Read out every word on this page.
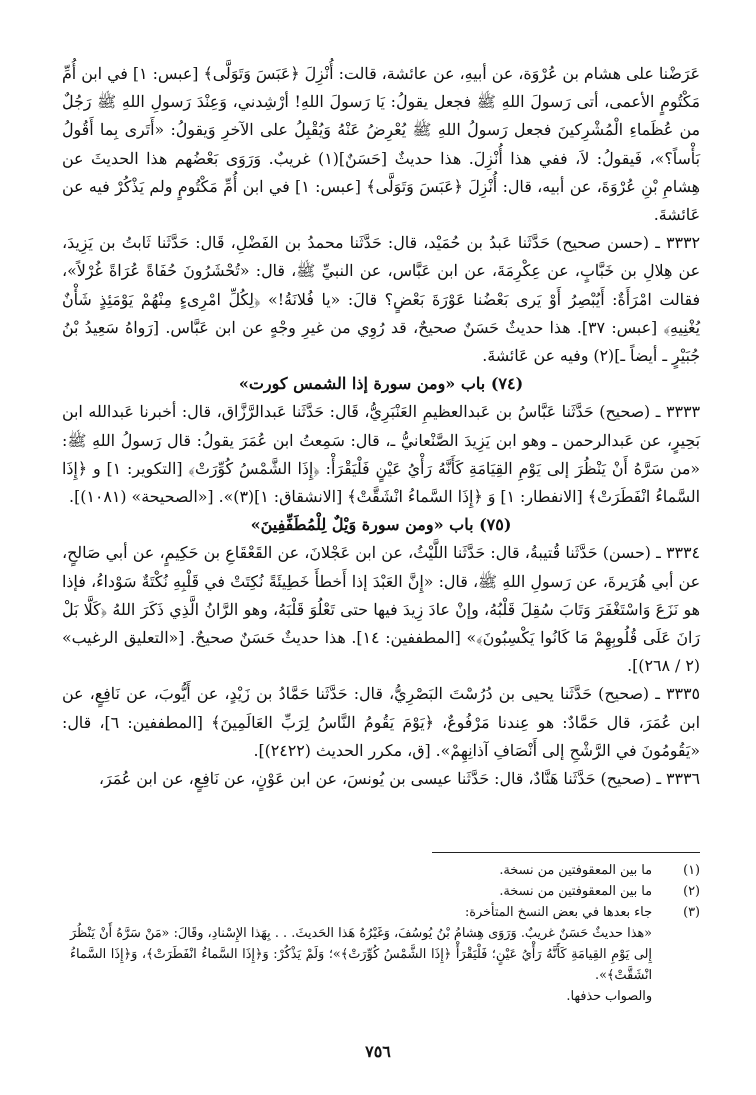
عَرَضْنا على هشام بن عُرْوَة، عن أبيهِ، عن عائشة، قالت: أُنْزِلَ ﴿عَبَسَ وَتَوَلَّى﴾ [عبس: ١] في ابن أُمِّ مَكْتُومٍ الأعمى، أتى رَسولَ اللهِ ﷺ فجعل يقولُ: يَا رَسولَ اللهِ! أرْشِدني، وَعِنْدَ رَسولِ اللهِ ﷺ رَجُلٌ من عُظَماءِ الْمُشْرِكينَ فجعل رَسولُ اللهِ ﷺ يُعْرِضُ عَنْهُ وَيُقْبِلُ على الآخرِ وَيقولُ: «أَتَرى بِما أَقُولُ بَأْساً؟»، فَيقولُ: لاَ، ففي هذا أُنْزِلَ. هذا حديثٌ [حَسَنٌ](١) غريبٌ. وَرَوَى بَعْضُهم هذا الحديثَ عن هِشامِ بْنِ عُرْوَةَ، عن أبيه، قال: أُنْزِلَ ﴿عَبَسَ وَتَوَلَّى﴾ [عبس: ١] في ابن أُمِّ مَكْتُومٍ ولم يَذْكُرْ فيه عن عَائشةَ.

٣٣٣٢ ـ (حسن صحيح) حَدَّثَنا عَبدُ بن حُمَيْد، قال: حَدَّثَنا محمدُ بن الفَضْلِ، قَال: حَدَّثَنا ثَابتُ بن يَزِيدَ، عن هِلالِ بن خَبَّابٍ، عن عِكْرِمَةَ، عن ابن عَبَّاس، عن النبيِّ ﷺ، قال: «تُحْشَرُونَ حُفَاةً عُرَاةً غُرْلاً»، فقالت امْرَأَةٌ: أَيُبْصِرُ أَوْ يَرى بَعْضُنا عَوْرَةَ بَعْضٍ؟ قالَ: «يا فُلانَةُ!» ﴿لِكُلِّ امْرِىءٍ مِنْهُمْ يَوْمَئِذٍ شَأْنٌ يُغْنِيهِ﴾ [عبس: ٣٧]. هذا حديثٌ حَسَنٌ صحيحٌ، قد رُوِي من غيرِ وجْهٍ عن ابن عَبَّاس. [رَواهُ سَعِيدُ بْنُ جُبَيْرٍ ـ أيضاً ـ](٢) وفيه عن عَائشةَ.

(٧٤) باب «ومن سورة إذا الشمس كورت»

٣٣٣٣ ـ (صحيح) حَدَّثَنا عَبَّاسُ بن عَبدالعظيمِ العَنْبَرِيُّ، قَال: حَدَّثَنا عَبدالرَّزَّاق، قال: أخبرنا عَبدالله ابن بَحِيرٍ، عن عَبدالرحمن ـ وهو ابن يَزِيدَ الصَّنْعانيُّ ـ، قال: سَمِعتُ ابن عُمَرَ يقولُ: قال رَسولُ اللهِ ﷺ: «من سَرَّهُ أَنْ يَنْظُرَ إلى يَوْمِ القِيَامَةِ كَأَنَّهُ رَأْيُ عَيْنٍ فَلْيَقْرَأْ: ﴿إِذَا الشَّمْسُ كُوِّرَتْ﴾ [التكوير: ١] و ﴿إِذَا السَّماءُ انْفَطَرَتْ﴾ [الانفطار: ١] وَ ﴿إِذَا السَّماءُ انْشَقَّتْ﴾ [الانشقاق: ١](٣)». [«الصحيحة» (١٠٨١)].

(٧٥) باب «ومن سورة وَيْلٌ لِلْمُطَفِّفِينَ»

٣٣٣٤ ـ (حسن) حَدَّثَنا قُتيبةُ، قال: حَدَّثَنا اللَّيْثُ، عن ابن عَجْلانَ، عن القَعْقَاعِ بن حَكِيمٍ، عن أبي صَالحٍ، عن أبي هُرَيرةَ، عن رَسولِ اللهِ ﷺ، قال: «إِنَّ العَبْدَ إذا أَخطأَ خَطِيئَةً نُكِتَتْ في قَلْبِهِ نُكْتَةٌ سَوْداءُ، فإذا هو نَزَعَ وَاسْتَغْفَرَ وَتَابَ سُقِلَ قَلْبُهُ، وإنْ عادَ زِيدَ فيها حتى تَعْلُوَ قَلْبَهُ، وهو الرَّانُ الَّذِي ذَكَرَ اللهُ ﴿كَلَّا بَلْ رَانَ عَلَى قُلُوبِهِمْ مَا كَانُوا يَكْسِبُونَ﴾» [المطففين: ١٤]. هذا حديثٌ حَسَنٌ صحيحٌ. [«التعليق الرغيب» (٢ / ٢٦٨)].

٣٣٣٥ ـ (صحيح) حَدَّثَنا يحيى بن دُرُسْتَ البَصْرِيُّ، قال: حَدَّثَنا حَمَّادُ بن زَيْدٍ، عن أَيُّوبَ، عن نَافِعٍ، عن ابن عُمَرَ، قال حَمَّادٌ: هو عِندنا مَرْفُوعٌ، ﴿يَوْمَ يَقُومُ النَّاسُ لِرَبِّ العَالَمِينَ﴾ [المطففين: ٦]، قال: «يَقُومُونَ في الرَّشْحِ إلى أَنْصَافِ آذانِهِمْ». [ق، مكرر الحديث (٢٤٢٢)].

٣٣٣٦ ـ (صحيح) حَدَّثَنا هَنَّادٌ، قال: حَدَّثَنا عيسى بن يُونسَ، عن ابن عَوْنٍ، عن نَافِعٍ، عن ابن عُمَرَ،

(١)
ما بين المعقوفتين من نسخة.
(٢)
ما بين المعقوفتين من نسخة.
(٣)
جاء بعدها في بعض النسخ المتأخرة:

«هذا حديثٌ حَسَنٌ غريبٌ. وَرَوَى هِشامُ بْنُ يُوسُفَ، وَغَيْرُهُ هَذا الحَديثَ. . . بِهَذا الإِسْنادِ، وقَالَ: «مَنْ سَرَّهُ أَنْ يَنْظُرَ إِلى يَوْمِ القِيامَةِ كَأَنَّهُ رَأْيُ عَيْنٍ؛ فَلْيَقْرَأْ ﴿إِذَا الشَّمْسُ كُوِّرَتْ﴾»؛ وَلَمْ يَذْكُرْ: وَ﴿إِذَا السَّماءُ انْفَطَرَتْ﴾، وَ﴿إِذَا السَّماءُ انْشَقَّتْ﴾».

والصواب حذفها.

٧٥٦
